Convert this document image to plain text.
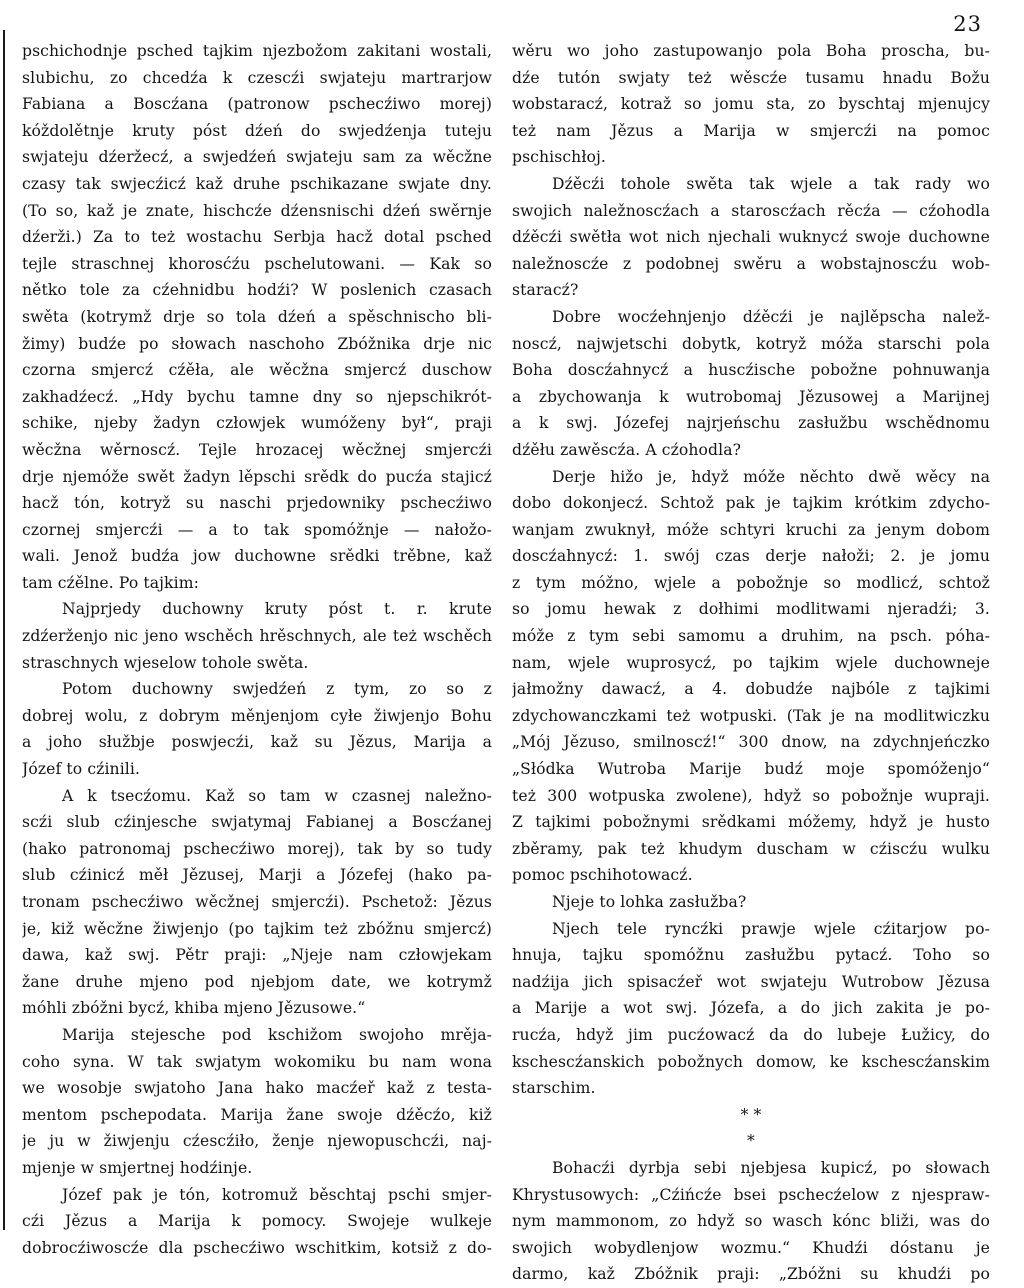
23
pschichodnje psched tajkim njezbožom zakitani wostali,
slubichu, zo chcedźa k czescźi swjateju martrarjow
Fabiana a Boscźana (patronow pschecźiwo morej)
kóždolětnje kruty póst dźeń do swjedźenja tuteju
swjateju dźeržecź, a swjedźeń swjateju sam za wěcžne
czasy tak swjecźicź kaž druhe pschikazane swjate dny.
(To so, kaž je znate, hischcźe dźensnischi dźeń swěrnje
dźerži.) Za to też wostachu Serbja hacž dotal psched
tejle straschnej khorosćźu pschelutowani. — Kak so
nětko tole za cźehnidbu hodźi? W poslenich czasach
swěta (kotrymž drje so tola dźeń a spěschnischo bli-
žimy) budźe po słowach naschoho Zbóžnika drje nic
czorna smjercź cźěła, ale wěcžna smjercź duschow
zakhadźecź. „Hdy bychu tamne dny so njepschikrót-
schike, njeby žadyn człowjek wumóženy był“, praji
wěcžna wěrnoscź. Tejle hrozacej wěcžnej smjercźi
drje njemóže swět žadyn lěpschi srědk do pucźa stajicź
hacž tón, kotryž su naschi prjedowniky pschecźiwo
czornej smjercźi — a to tak spomóžnje — nałožo-
wali. Jenož budźa jow duchowne srědki trěbne, kaž
tam cźělne. Po tajkim:
Najprjedy duchowny kruty póst t. r. krute
zdźerženjo nic jeno wschěch hrěschnych, ale też wschěch
straschnych wjeselow tohole swěta.
Potom duchowny swjedźeń z tym, zo so z
dobrej wolu, z dobrym měnjenjom cyłe žiwjenjo Bohu
a joho słužbje poswjecźi, kaž su Jězus, Marija a
Józef to cźinili.
A k tsecźomu. Kaž so tam w czasnej naležno-
scźi slub cźinjesche swjatymaj Fabianej a Boscźanej
(hako patronomaj pschecźiwo morej), tak by so tudy
slub cźinicź měł Jězusej, Marji a Józefej (hako pa-
tronam pschecźiwo wěcžnej smjercźi). Pschetož: Jězus
je, kiž wěcžne žiwjenjo (po tajkim też zbóžnu smjercź)
dawa, kaž swj. Pětr praji: „Njeje nam człowjekam
žane druhe mjeno pod njebjom date, we kotrymž
móhli zbóžni bycź, khiba mjeno Jězusowe.“
Marija stejesche pod kschižom swojoho mrěja-
coho syna. W tak swjatym wokomiku bu nam wona
we wosobje swjatoho Jana hako macźeř kaž z testa-
mentom pschepodata. Marija žane swoje dźěcźo, kiž
je ju w žiwjenju cźescźiło, ženje njewopuschcźi, naj-
mjenje w smjertnej hodźinje.
Józef pak je tón, kotromuž běschtaj pschi smjer-
cźi Jězus a Marija k pomocy. Swojeje wulkeje
dobrocźiwoscźe dla pschecźiwo wschitkim, kotsiž z do-
wěru wo joho zastupowanjo pola Boha proscha, bu-
dźe tutón swjaty też wěscźe tusamu hnadu Božu
wobstaracź, kotraž so jomu sta, zo byschtaj mjenujcy
też nam Jězus a Marija w smjercźi na pomoc
pschischłoj.
Dźěcźi tohole swěta tak wjele a tak rady wo
swojich naležnoscźach a staroscźach rěcźa — cźohodla
dźěcźi swětła wot nich njechali wuknycź swoje duchowne
naležnoscźe z podobnej swěru a wobstajnoscźu wob-
staracź?
Dobre wocźehnjenjo dźěcźi je najlěpscha nalež-
noscź, najwjetschi dobytk, kotryž móža starschi pola
Boha doscźahnycź a huscźische pobožne pohnuwanja
a zbychowanja k wutrobomaj Jězusowej a Marijnej
a k swj. Józefej najrjeńschu zasłužbu wschědnomu
dźěłu zawěscźa. A cźohodla?
Derje hižo je, hdyž móže něchto dwě wěcy na
dobo dokonjecź. Schtož pak je tajkim krótkim zdycho-
wanjam zwuknył, móže schtyri kruchi za jenym dobom
doscźahnycź: 1. swój czas derje nałoži; 2. je jomu
z tym móžno, wjele a pobožnje so modlicź, schtož
so jomu hewak z dołhimi modlitwami njeradźi; 3.
móže z tym sebi samomu a druhim, na psch. póha-
nam, wjele wuprosycź, po tajkim wjele duchowneje
jałmožny dawacź, a 4. dobudźe najbóle z tajkimi
zdychowanczkami też wotpuski. (Tak je na modlitwiczku
„Mój Jězuso, smilnoscź!“ 300 dnow, na zdychnjeńczko
„Słódka Wutroba Marije budź moje spomóženjo“
też 300 wotpuska zwolene), hdyž so pobožnje wupraji.
Z tajkimi pobožnymi srědkami móžemy, hdyž je husto
zběramy, pak też khudym duscham w cźiscźu wulku
pomoc pschihotowacź.
Njeje to lohka zasłužba?
Njech tele ryncźki prawje wjele cźitarjow po-
hnuja, tajku spomóžnu zasłužbu pytacź. Toho so
nadźija jich spisacźeř wot swjateju Wutrobow Jězusa
a Marije a wot swj. Józefa, a do jich zakita je po-
rucźa, hdyž jim pucźowacź da do lubeje Łužicy, do
kschescźanskich pobožnych domow, ke kschescźanskim
starschim.
* *
*
Bohacźi dyrbja sebi njebjesa kupicź, po słowach
Khrystusowych: „Cźińcźe bsei pschecźelow z njespraw-
nym mammonom, zo hdyž so wasch kónc bliži, was do
swojich wobydlenjow wozmu.“ Khudźi dóstanu je
darmo, kaž Zbóžnik praji: „Zbóžni su khudźi po
